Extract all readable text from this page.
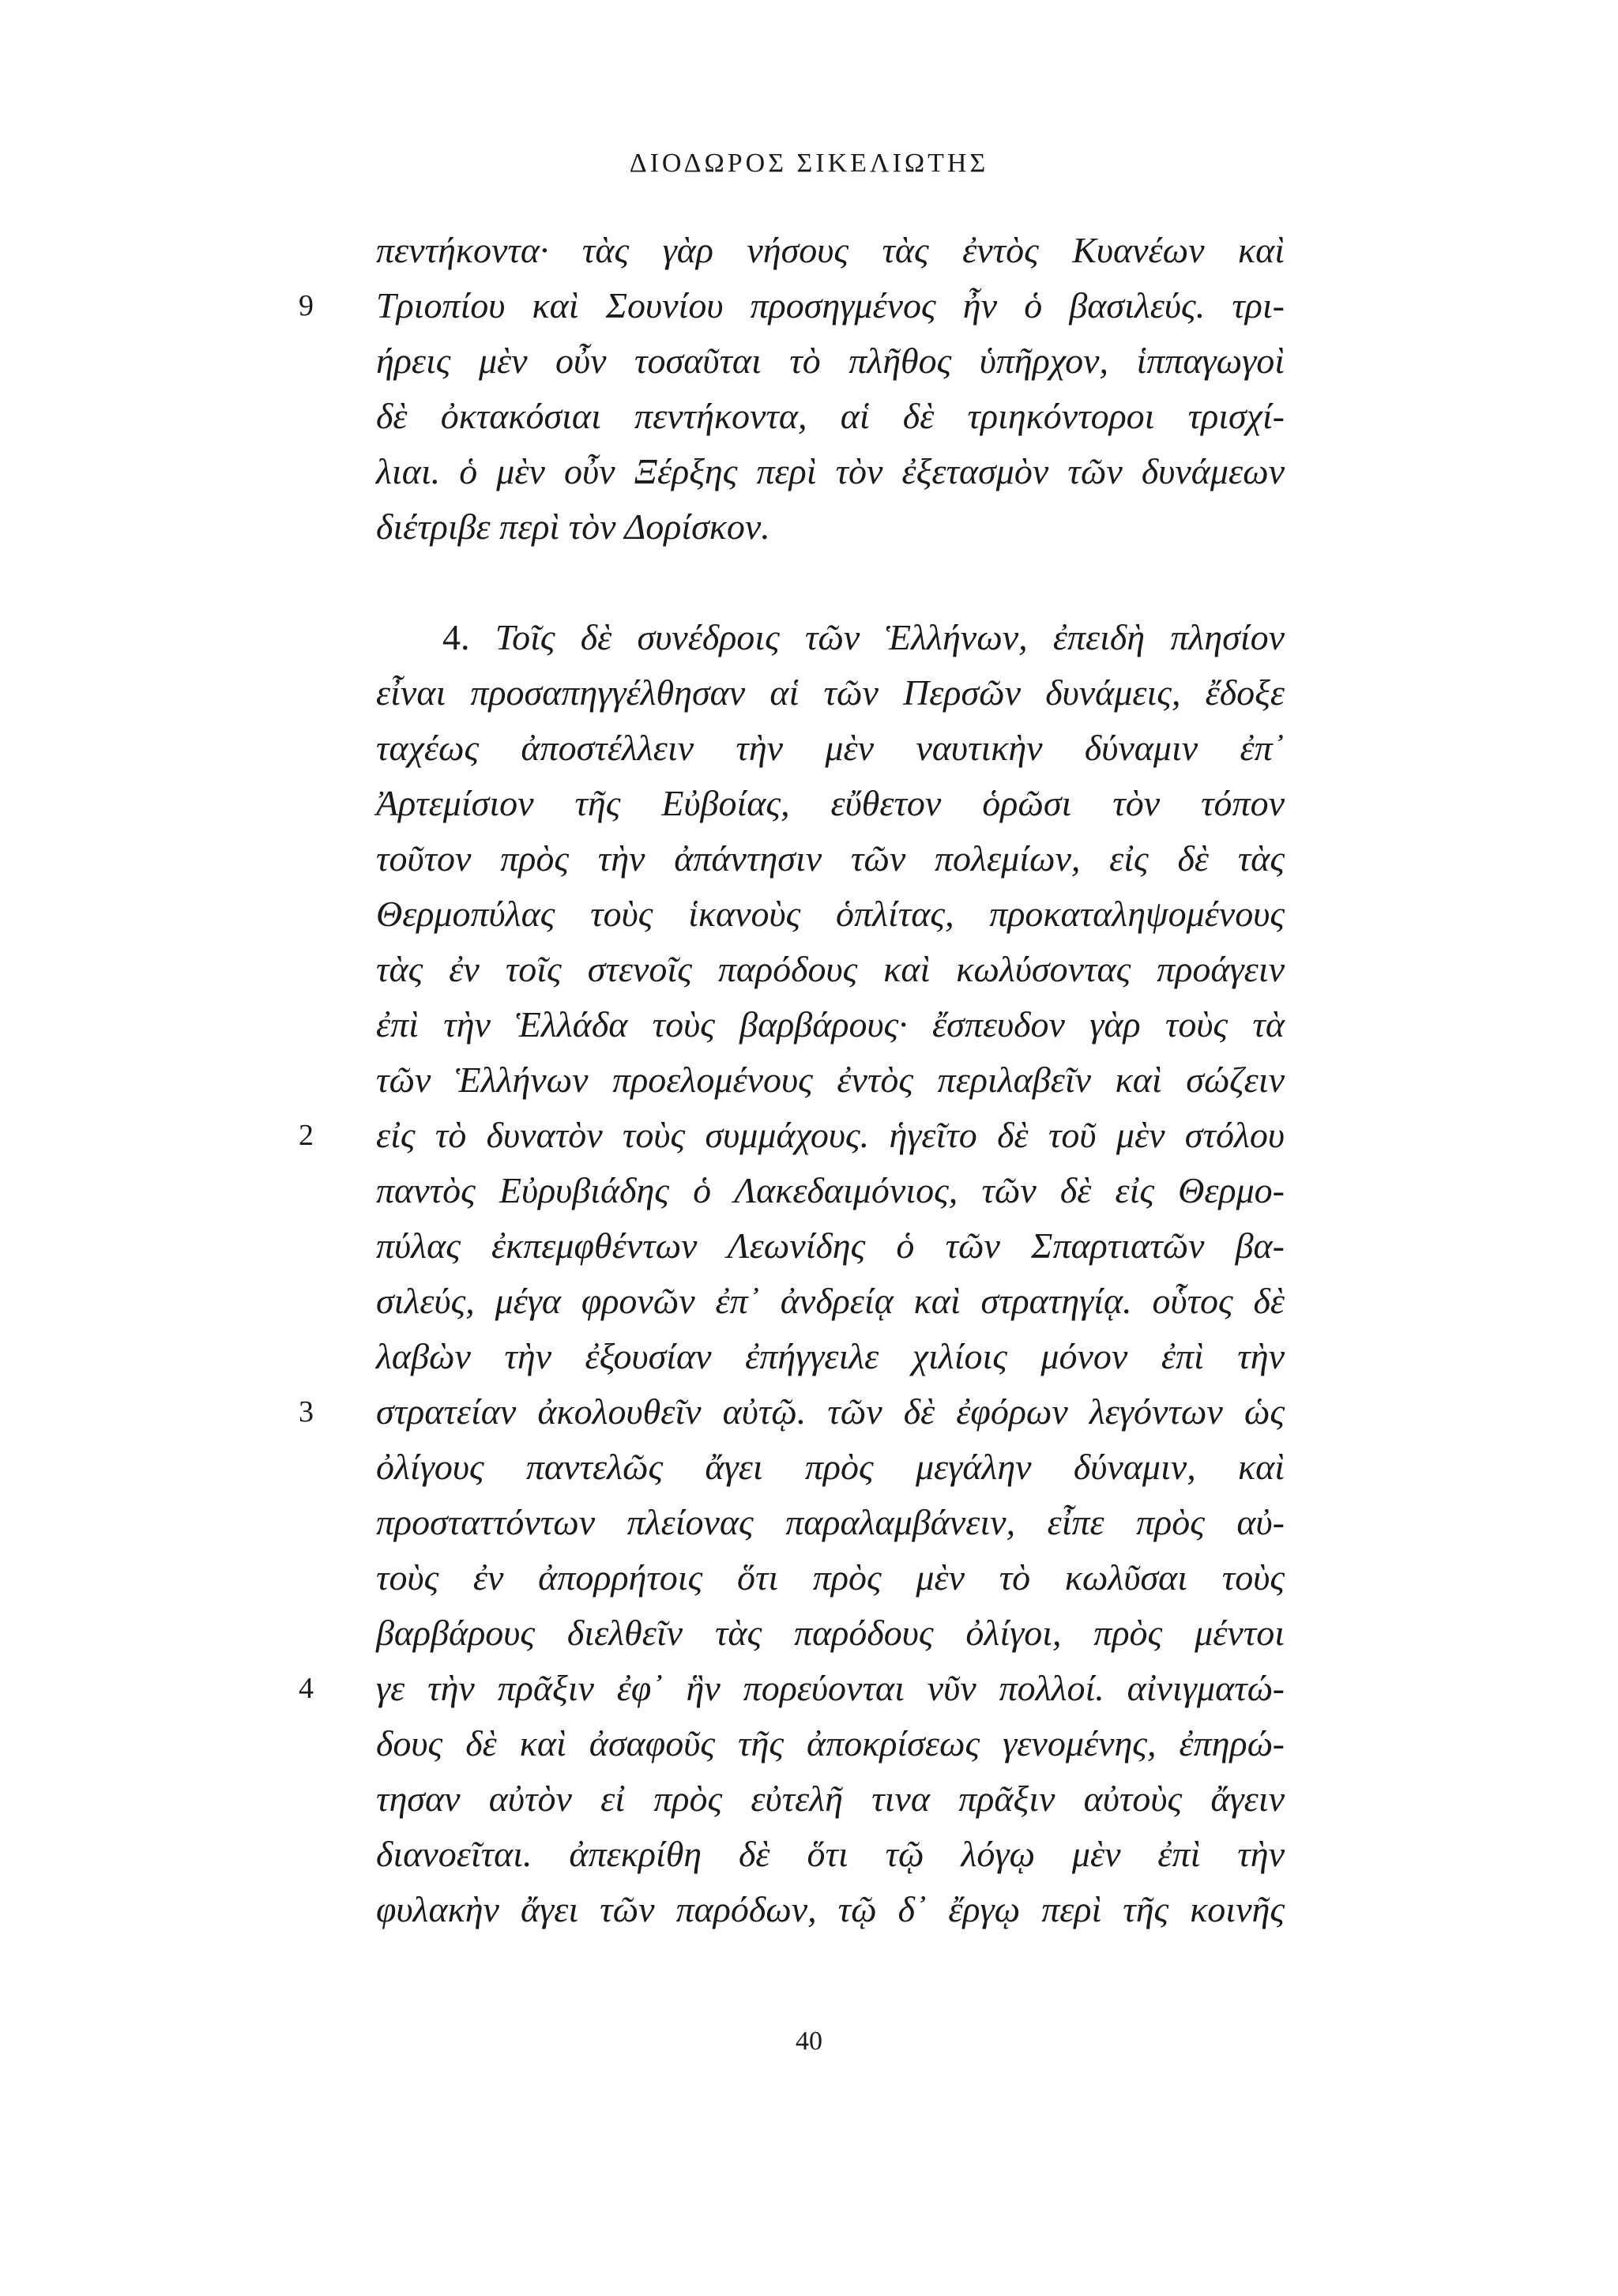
ΔΙΟΔΩΡΟΣ ΣΙΚΕΛΙΩΤΗΣ
πεντήκοντα· τὰς γὰρ νήσους τὰς ἐντὸς Κυανέων καὶ
9	Τριοπίου καὶ Σουνίου προσηγμένος ἦν ὁ βασιλεύς. τρι-
ήρεις μὲν οὖν τοσαῦται τὸ πλῆθος ὑπῆρχον, ἱππαγωγοὶ
δὲ ὀκτακόσιαι πεντήκοντα, αἱ δὲ τριηκόντοροι τρισχί-
λιαι. ὁ μὲν οὖν Ξέρξης περὶ τὸν ἐξετασμὸν τῶν δυνάμεων
διέτριβε περὶ τὸν Δορίσκον.
4. Τοῖς δὲ συνέδροις τῶν Ἑλλήνων, ἐπειδὴ πλησίον
εἶναι προσαπηγγέλθησαν αἱ τῶν Περσῶν δυνάμεις, ἔδοξε
ταχέως ἀποστέλλειν τὴν μὲν ναυτικὴν δύναμιν ἐπ᾿
Ἀρτεμίσιον τῆς Εὐβοίας, εὔθετον ὁρῶσι τὸν τόπον
τοῦτον πρὸς τὴν ἀπάντησιν τῶν πολεμίων, εἰς δὲ τὰς
Θερμοπύλας τοὺς ἱκανοὺς ὁπλίτας, προκαταληψομένους
τὰς ἐν τοῖς στενοῖς παρόδους καὶ κωλύσοντας προάγειν
ἐπὶ τὴν Ἑλλάδα τοὺς βαρβάρους· ἔσπευδον γὰρ τοὺς τὰ
τῶν Ἑλλήνων προελομένους ἐντὸς περιλαβεῖν καὶ σώζειν
2	εἰς τὸ δυνατὸν τοὺς συμμάχους. ἡγεῖτο δὲ τοῦ μὲν στόλου
παντὸς Εὐρυβιάδης ὁ Λακεδαιμόνιος, τῶν δὲ εἰς Θερμο-
πύλας ἐκπεμφθέντων Λεωνίδης ὁ τῶν Σπαρτιατῶν βα-
σιλεύς, μέγα φρονῶν ἐπ᾿ ἀνδρείᾳ καὶ στρατηγίᾳ. οὗτος δὲ
λαβὼν τὴν ἐξουσίαν ἐπήγγειλε χιλίοις μόνον ἐπὶ τὴν
3	στρατείαν ἀκολουθεῖν αὐτῷ. τῶν δὲ ἐφόρων λεγόντων ὡς
ὀλίγους παντελῶς ἄγει πρὸς μεγάλην δύναμιν, καὶ
προσταττόντων πλείονας παραλαμβάνειν, εἶπε πρὸς αὐ-
τοὺς ἐν ἀπορρήτοις ὅτι πρὸς μὲν τὸ κωλῦσαι τοὺς
βαρβάρους διελθεῖν τὰς παρόδους ὀλίγοι, πρὸς μέντοι
4	γε τὴν πρᾶξιν ἐφ᾿ ἣν πορεύονται νῦν πολλοί. αἰνιγματώ-
δους δὲ καὶ ἀσαφοῦς τῆς ἀποκρίσεως γενομένης, ἐπηρώ-
τησαν αὐτὸν εἰ πρὸς εὐτελῆ τινα πρᾶξιν αὐτοὺς ἄγειν
διανοεῖται. ἀπεκρίθη δὲ ὅτι τῷ λόγῳ μὲν ἐπὶ τὴν
φυλακὴν ἄγει τῶν παρόδων, τῷ δ᾿ ἔργῳ περὶ τῆς κοινῆς
40
